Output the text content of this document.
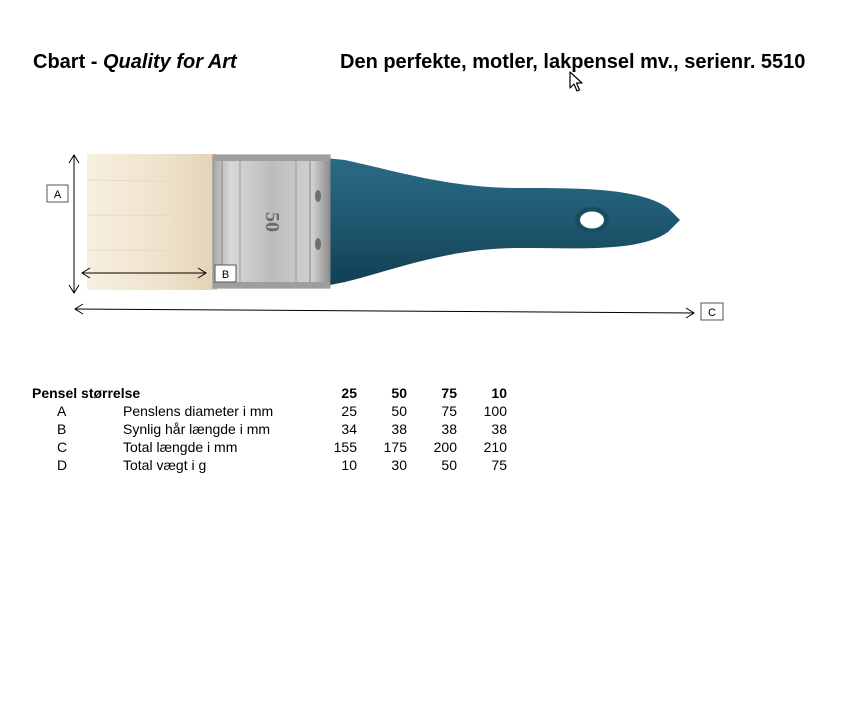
Cbart - Quality for Art	Den perfekte, motler, lakpensel mv., serienr. 5510
50
A
B
C
Pensel størrelse		25	50	75	10
A	Penslens diameter i mm	25	50	75	100
B	Synlig hår længde i mm	34	38	38	38
C	Total længde i mm	155	175	200	210
D	Total vægt i g	10	30	50	75
